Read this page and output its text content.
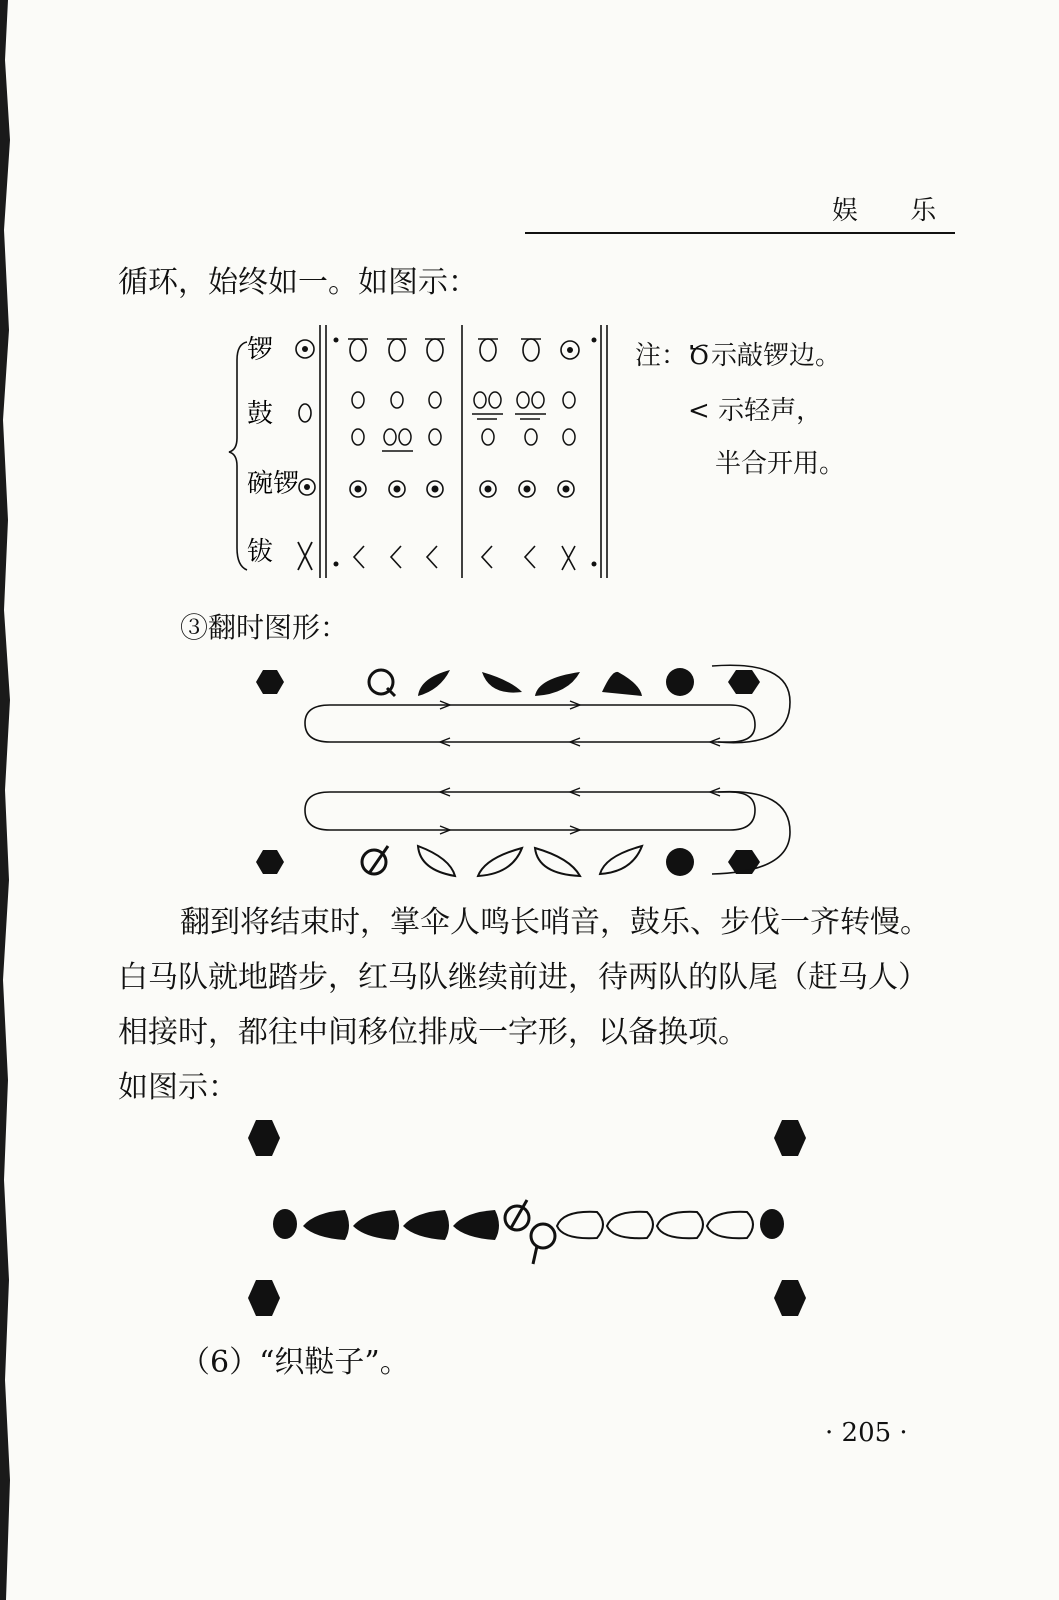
娱 乐
循环，始终如一。如图示：
锣
鼓
碗锣
钹
注：Ծ示敲锣边。
< 示轻声，
半合开用。
③翻时图形：
翻到将结束时，掌伞人鸣长哨音，鼓乐、步伐一齐转慢。
白马队就地踏步，红马队继续前进，待两队的队尾（赶马人）
相接时，都往中间移位排成一字形，以备换项。
如图示：
（6）“织鞑子”。
· 205 ·
